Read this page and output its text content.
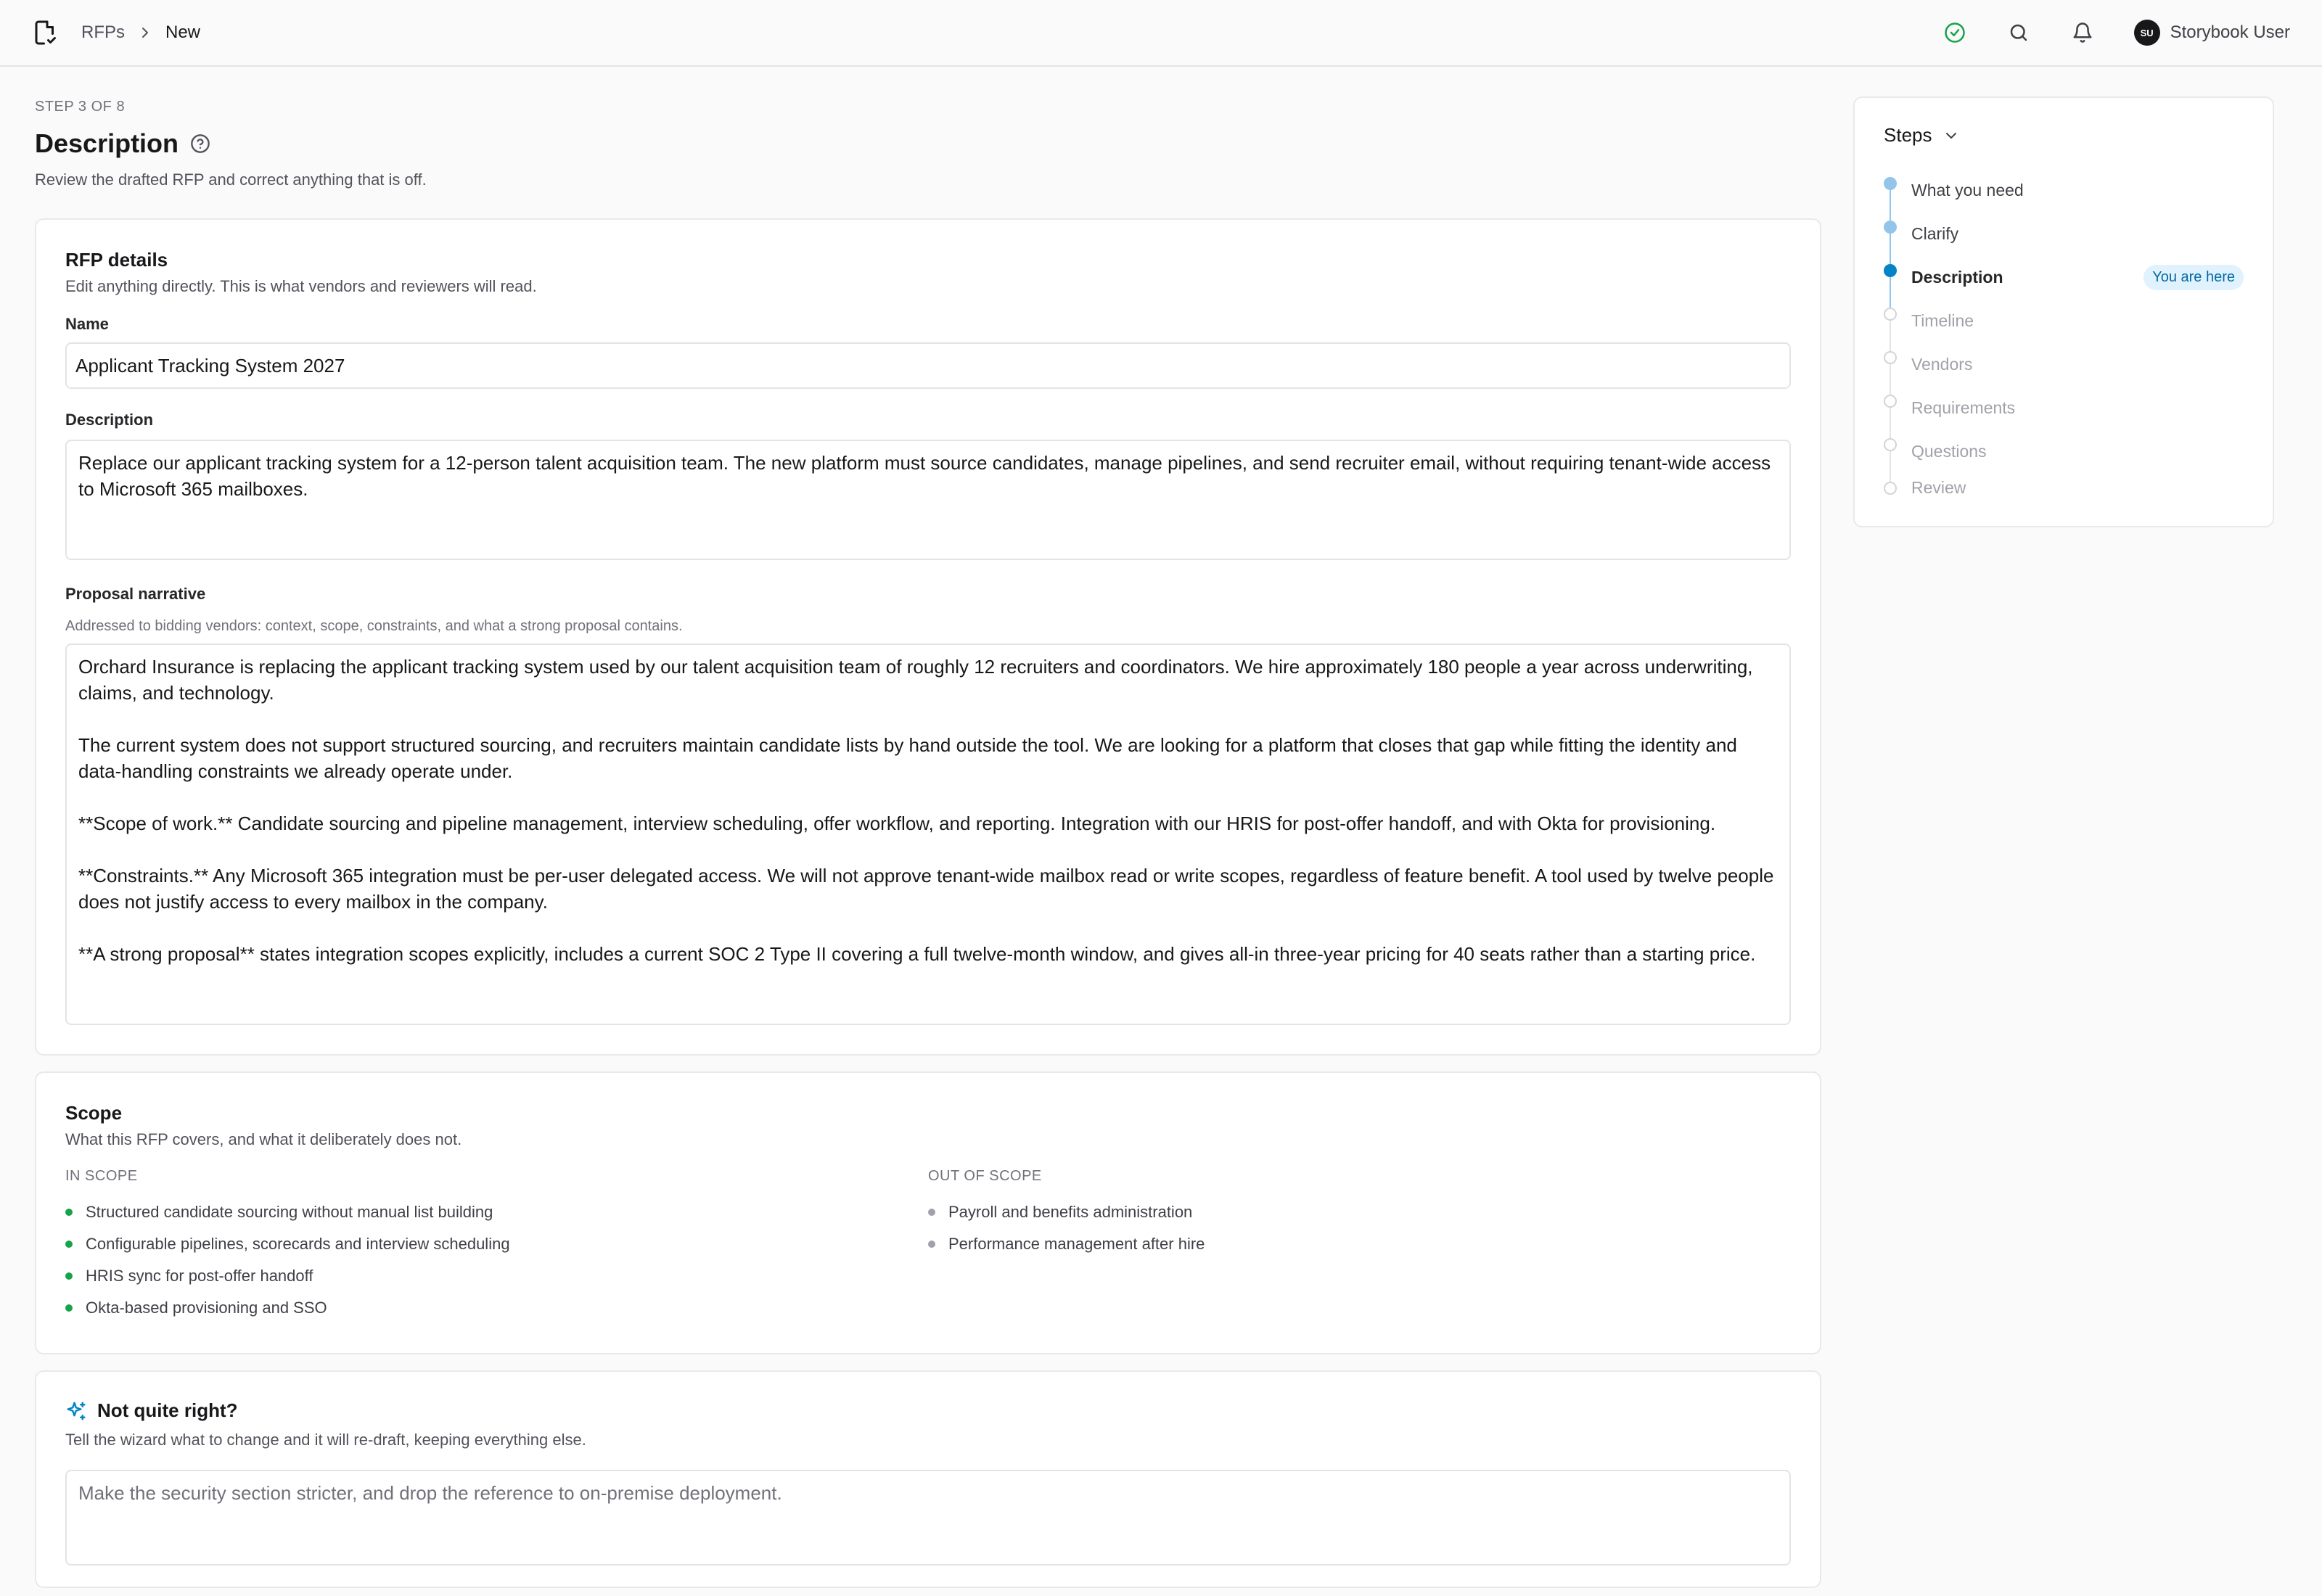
RFPs New	SU Storybook User
STEP 3 OF 8
Description

Review the drafted RFP and correct anything that is off.

RFP details

Edit anything directly. This is what vendors and reviewers will read.

Name
Applicant Tracking System 2027
Description
Replace our applicant tracking system for a 12-person talent acquisition team. The new platform must source candidates, manage pipelines, and send recruiter email, without requiring tenant-wide access to Microsoft 365 mailboxes.
Proposal narrative
Addressed to bidding vendors: context, scope, constraints, and what a strong proposal contains.

Orchard Insurance is replacing the applicant tracking system used by our talent acquisition team of roughly 12 recruiters and coordinators. We hire approximately 180 people a year across underwriting, claims, and technology.

The current system does not support structured sourcing, and recruiters maintain candidate lists by hand outside the tool. We are looking for a platform that closes that gap while fitting the identity and data-handling constraints we already operate under.

**Scope of work.** Candidate sourcing and pipeline management, interview scheduling, offer workflow, and reporting. Integration with our HRIS for post-offer handoff, and with Okta for provisioning.

**Constraints.** Any Microsoft 365 integration must be per-user delegated access. We will not approve tenant-wide mailbox read or write scopes, regardless of feature benefit. A tool used by twelve people does not justify access to every mailbox in the company.

**A strong proposal** states integration scopes explicitly, includes a current SOC 2 Type II covering a full twelve-month window, and gives all-in three-year pricing for 40 seats rather than a starting price.

Scope

What this RFP covers, and what it deliberately does not.

IN SCOPE
Structured candidate sourcing without manual list building
Configurable pipelines, scorecards and interview scheduling
HRIS sync for post-offer handoff
Okta-based provisioning and SSO
OUT OF SCOPE
Payroll and benefits administration
Performance management after hire
Not quite right?

Tell the wizard what to change and it will re-draft, keeping everything else.

Make the security section stricter, and drop the reference to on-premise deployment.
Steps
What you need
Clarify
Description	You are here
Timeline
Vendors
Requirements
Questions
Review
